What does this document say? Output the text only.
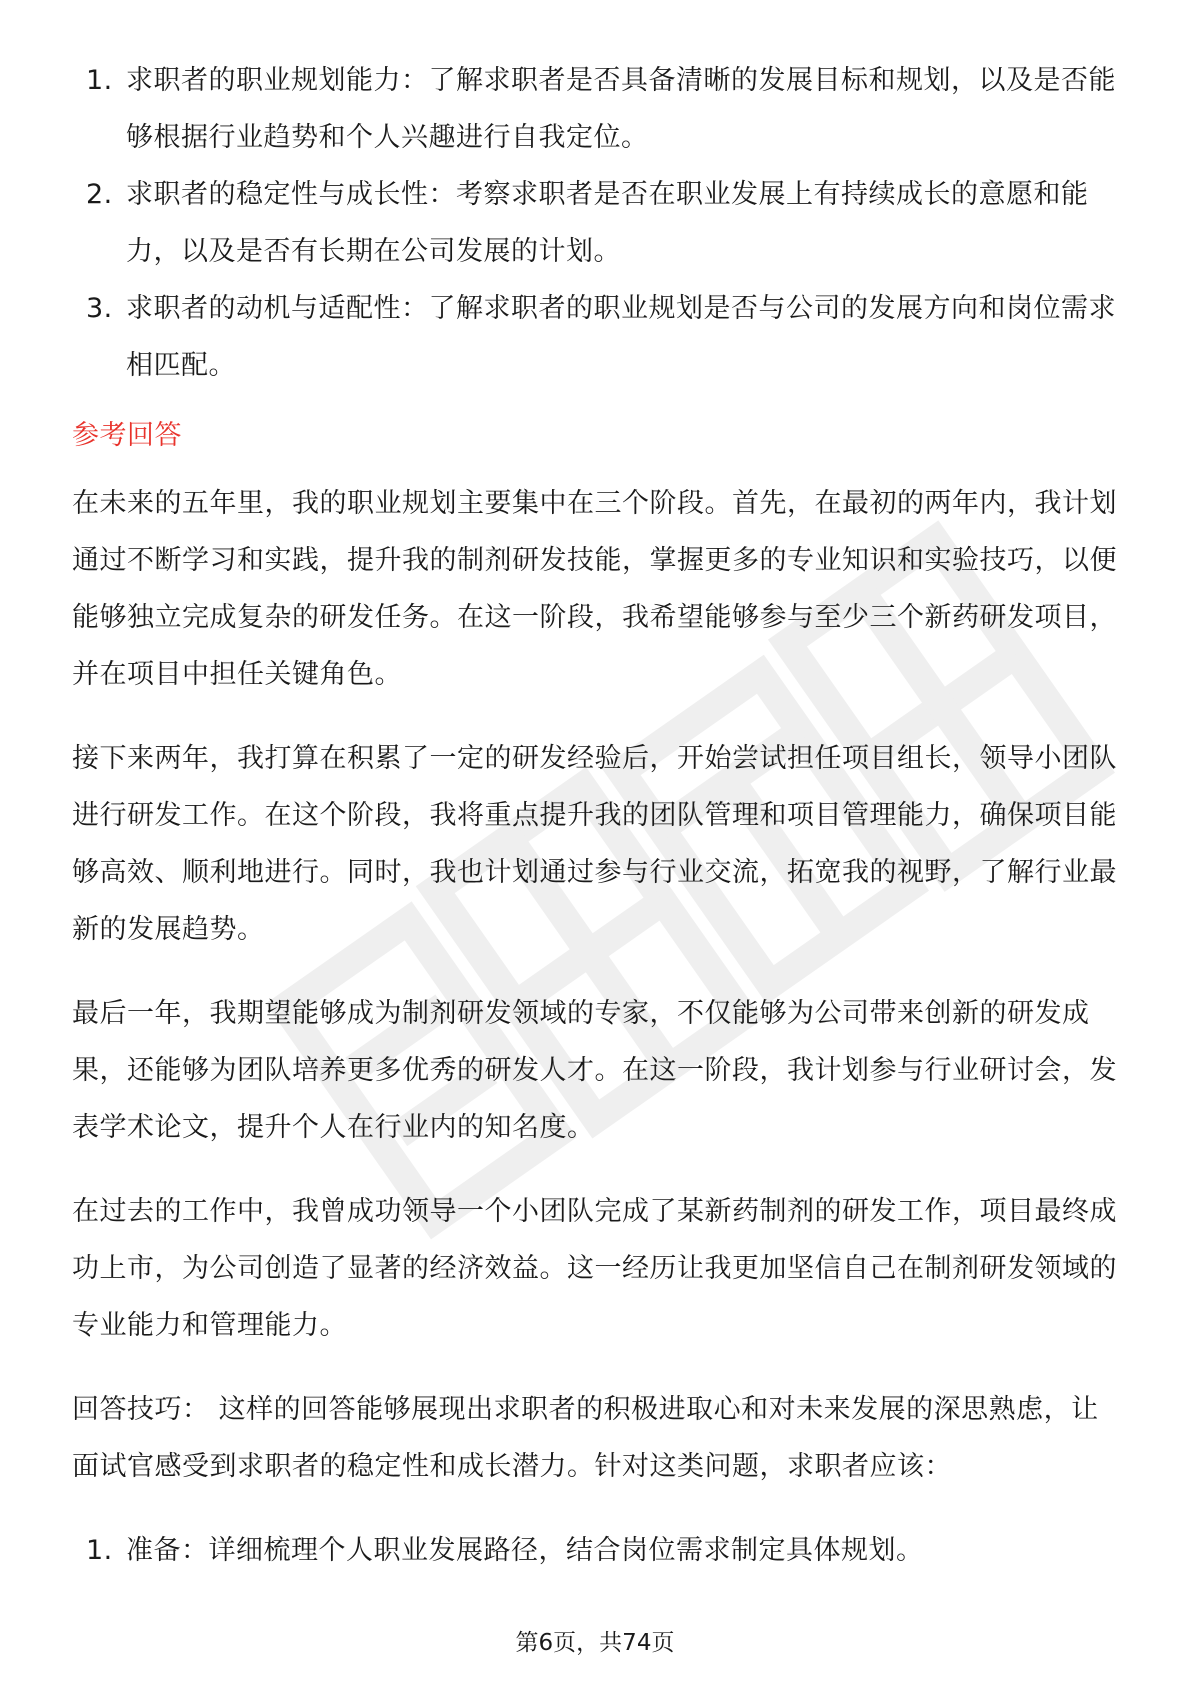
1. 求职者的职业规划能力：了解求职者是否具备清晰的发展目标和规划，以及是否能够根据行业趋势和个人兴趣进行自我定位。
2. 求职者的稳定性与成长性：考察求职者是否在职业发展上有持续成长的意愿和能力，以及是否有长期在公司发展的计划。
3. 求职者的动机与适配性：了解求职者的职业规划是否与公司的发展方向和岗位需求相匹配。
参考回答

在未来的五年里，我的职业规划主要集中在三个阶段。首先，在最初的两年内，我计划通过不断学习和实践，提升我的制剂研发技能，掌握更多的专业知识和实验技巧，以便能够独立完成复杂的研发任务。在这一阶段，我希望能够参与至少三个新药研发项目，并在项目中担任关键角色。

接下来两年，我打算在积累了一定的研发经验后，开始尝试担任项目组长，领导小团队进行研发工作。在这个阶段，我将重点提升我的团队管理和项目管理能力，确保项目能够高效、顺利地进行。同时，我也计划通过参与行业交流，拓宽我的视野，了解行业最新的发展趋势。

最后一年，我期望能够成为制剂研发领域的专家，不仅能够为公司带来创新的研发成果，还能够为团队培养更多优秀的研发人才。在这一阶段，我计划参与行业研讨会，发表学术论文，提升个人在行业内的知名度。

在过去的工作中，我曾成功领导一个小团队完成了某新药制剂的研发工作，项目最终成功上市，为公司创造了显著的经济效益。这一经历让我更加坚信自己在制剂研发领域的专业能力和管理能力。

回答技巧： 这样的回答能够展现出求职者的积极进取心和对未来发展的深思熟虑，让面试官感受到求职者的稳定性和成长潜力。针对这类问题，求职者应该：

1. 准备：详细梳理个人职业发展路径，结合岗位需求制定具体规划。
第6页，共74页
